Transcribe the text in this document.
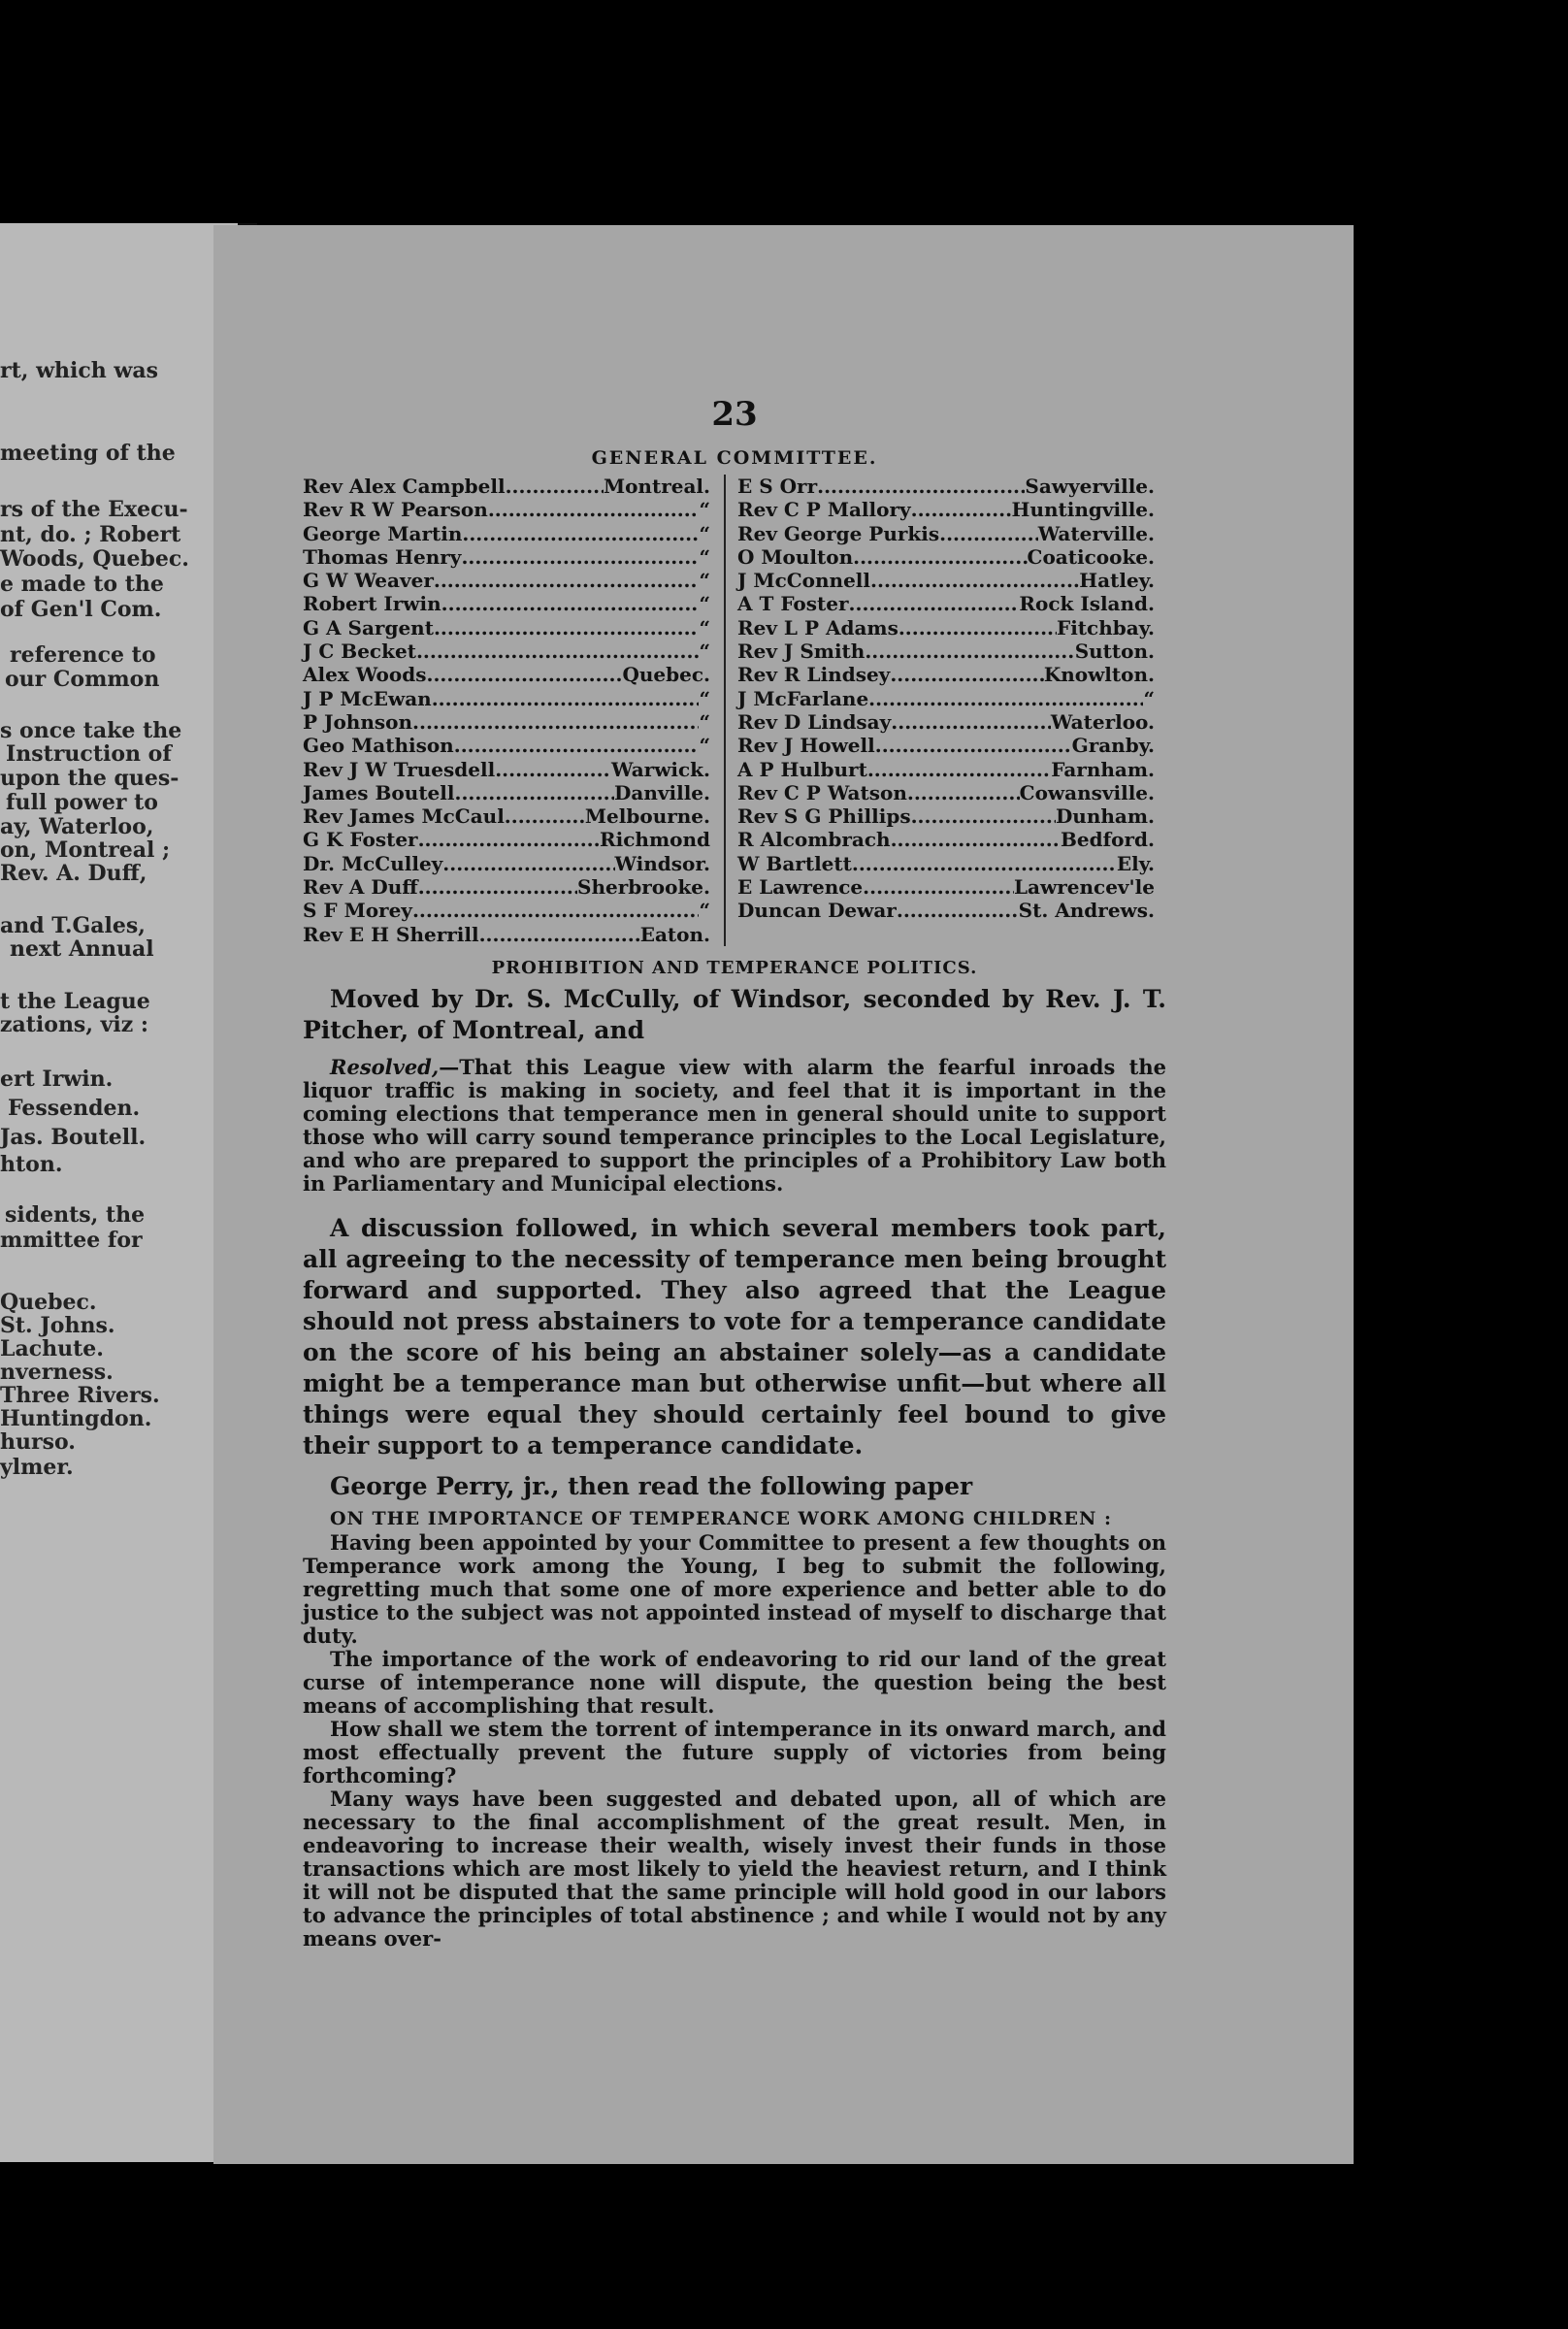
rt, which was
meeting of the
rs of the Execu-
nt, do. ; Robert
Woods, Quebec.
e made to the
of Gen'l Com.
reference to
our Common
s once take the
Instruction of
upon the ques-
full power to
ay, Waterloo,
on, Montreal ;
Rev. A. Duff,
and T.Gales,
next Annual
t the League
zations, viz :
ert Irwin.
Fessenden.
Jas. Boutell.
hton.
sidents, the
mmittee for
Quebec.
St. Johns.
Lachute.
nverness.
Three Rivers.
Huntingdon.
hurso.
ylmer.
23
GENERAL COMMITTEE.
Rev Alex Campbell .....	Montreal.
Rev R W Pearson .....	“
George Martin .....	“
Thomas Henry .....	“
G W Weaver .....	“
Robert Irwin .....	“
G A Sargent .....	“
J C Becket .....	“
Alex Woods .....	Quebec.
J P McEwan .....	“
P Johnson .....	“
Geo Mathison .....	“
Rev J W Truesdell .....	Warwick.
James Boutell .....	Danville.
Rev James McCaul .....	Melbourne.
G K Foster .....	Richmond
Dr. McCulley .....	Windsor.
Rev A Duff .....	Sherbrooke.
S F Morey .....	“
Rev E H Sherrill .....	Eaton.
E S Orr .....	Sawyerville.
Rev C P Mallory .....	Huntingville.
Rev George Purkis .....	Waterville.
O Moulton .....	Coaticooke.
J McConnell .....	Hatley.
A T Foster .....	Rock Island.
Rev L P Adams .....	Fitchbay.
Rev J Smith .....	Sutton.
Rev R Lindsey .....	Knowlton.
J McFarlane .....	“
Rev D Lindsay .....	Waterloo.
Rev J Howell .....	Granby.
A P Hulburt .....	Farnham.
Rev C P Watson .....	Cowansville.
Rev S G Phillips .....	Dunham.
R Alcombrach .....	Bedford.
W Bartlett .....	Ely.
E Lawrence .....	Lawrencev'le
Duncan Dewar .....	St. Andrews.
PROHIBITION AND TEMPERANCE POLITICS.

Moved by Dr. S. McCully, of Windsor, seconded by Rev. J. T. Pitcher, of Montreal, and

Resolved,—That this League view with alarm the fearful inroads the liquor traffic is making in society, and feel that it is important in the coming elections that temperance men in general should unite to support those who will carry sound temperance principles to the Local Legislature, and who are prepared to support the principles of a Prohibitory Law both in Parliamentary and Municipal elections.

A discussion followed, in which several members took part, all agreeing to the necessity of temperance men being brought forward and supported. They also agreed that the League should not press abstainers to vote for a temperance candidate on the score of his being an abstainer solely—as a candidate might be a temperance man but otherwise unfit—but where all things were equal they should certainly feel bound to give their support to a temperance candidate.

George Perry, jr., then read the following paper
ON THE IMPORTANCE OF TEMPERANCE WORK AMONG CHILDREN :

Having been appointed by your Committee to present a few thoughts on Temperance work among the Young, I beg to submit the following, regretting much that some one of more experience and better able to do justice to the subject was not appointed instead of myself to discharge that duty.

The importance of the work of endeavoring to rid our land of the great curse of intemperance none will dispute, the question being the best means of accomplishing that result.

How shall we stem the torrent of intemperance in its onward march, and most effectually prevent the future supply of victories from being forthcoming?

Many ways have been suggested and debated upon, all of which are necessary to the final accomplishment of the great result. Men, in endeavoring to increase their wealth, wisely invest their funds in those transactions which are most likely to yield the heaviest return, and I think it will not be disputed that the same principle will hold good in our labors to advance the principles of total abstinence ; and while I would not by any means over-
